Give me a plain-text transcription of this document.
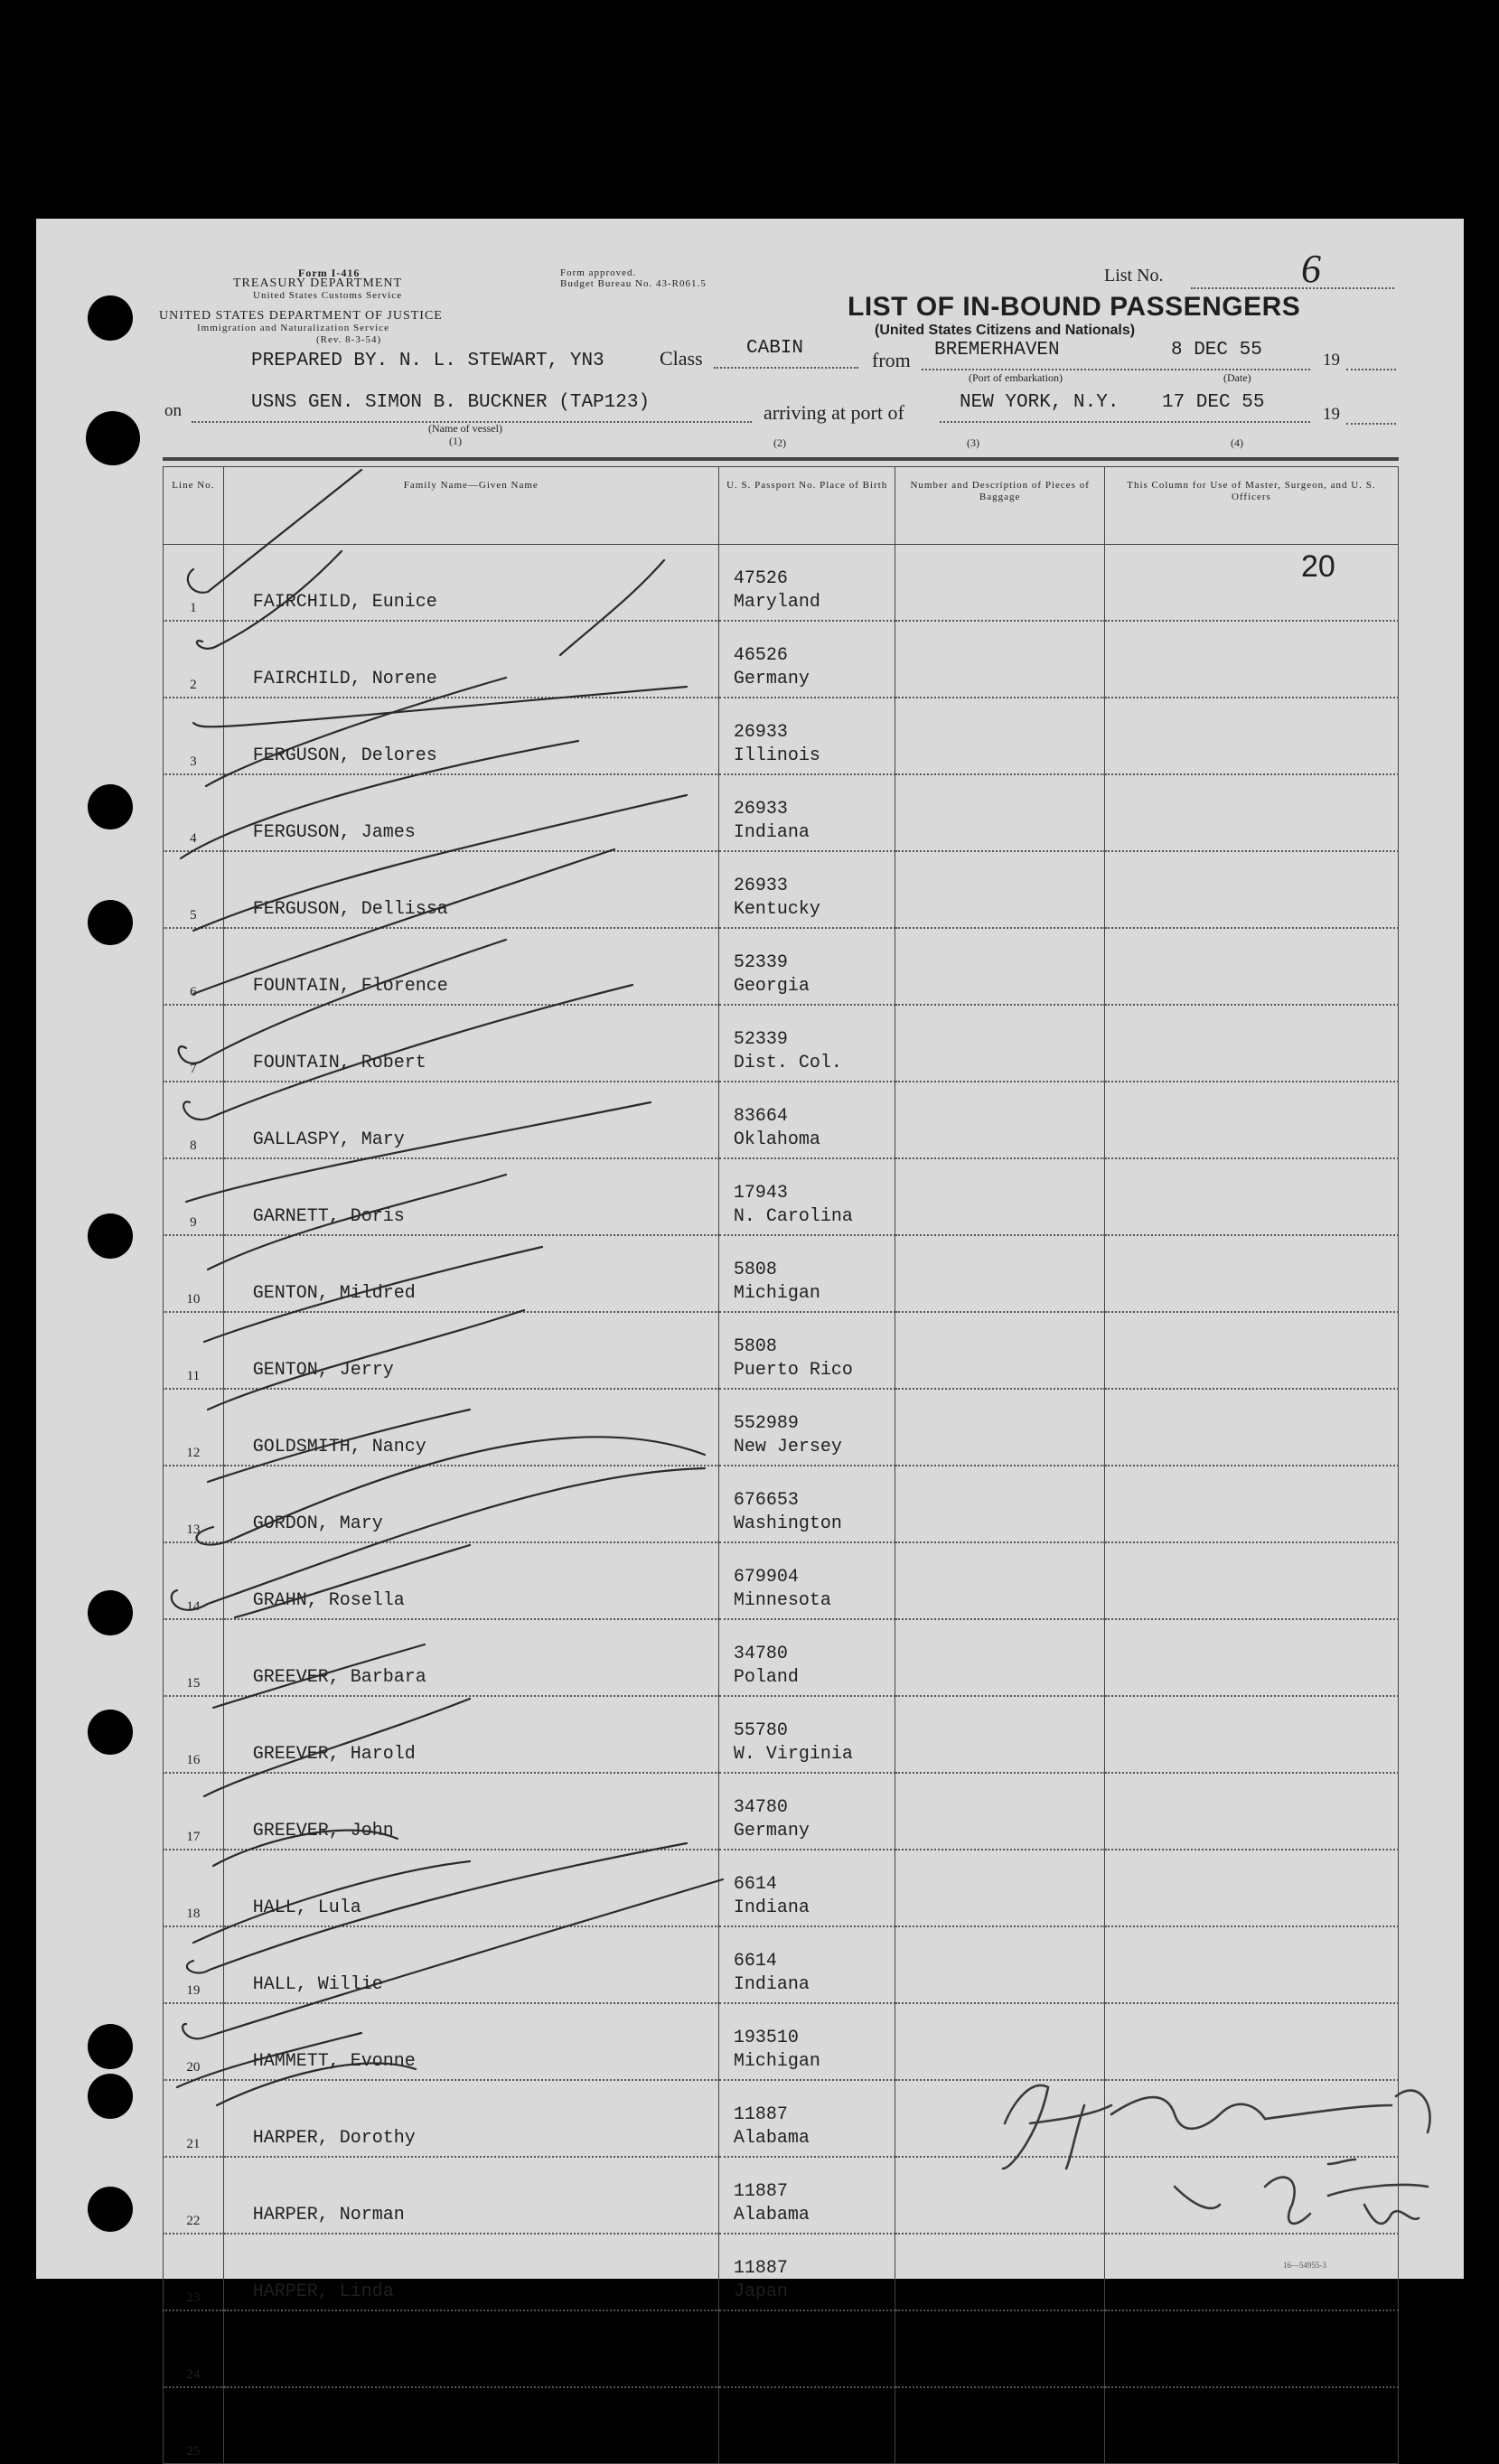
Form I-416
TREASURY DEPARTMENT
United States Customs Service
UNITED STATES DEPARTMENT OF JUSTICE
Immigration and Naturalization Service
(Rev. 8-3-54)
Form approved.
Budget Bureau No. 43-R061.5	List No.	6
LIST OF IN-BOUND PASSENGERS
(United States Citizens and Nationals)
PREPARED BY. N. L. STEWART, YN3	Class CABIN
from BREMERHAVEN	8 DEC 55	19
(Port of embarkation)	(Date)
on	USNS GEN. SIMON B. BUCKNER (TAP123)
(Name of vessel)
arriving at port of	NEW YORK, N.Y. 17 DEC 55
19
(1)	(2)	(3)	(4)
Line No.	Family Name—Given Name	U. S. Passport No. Place of Birth	Number and Description of Pieces of Baggage	This Column for Use of Master, Surgeon, and U. S. Officers
1	FAIRCHILD, Eunice	47526
Maryland		

2	FAIRCHILD, Norene	46526
Germany		

3	FERGUSON, Delores	26933
Illinois		

4	FERGUSON, James	26933
Indiana		

5	FERGUSON, Dellissa	26933
Kentucky		

6	FOUNTAIN, Florence	52339
Georgia		

7	FOUNTAIN, Robert	52339
Dist. Col.		

8	GALLASPY, Mary	83664
Oklahoma		

9	GARNETT, Doris	17943
N. Carolina		

10	GENTON, Mildred	5808
Michigan		

11	GENTON, Jerry	5808
Puerto Rico		

12	GOLDSMITH, Nancy	552989
New Jersey		

13	GORDON, Mary	676653
Washington		

14	GRAHN, Rosella	679904
Minnesota		

15	GREEVER, Barbara	34780
Poland		

16	GREEVER, Harold	55780
W. Virginia		

17	GREEVER, John	34780
Germany		

18	HALL, Lula	6614
Indiana		

19	HALL, Willie	6614
Indiana		

20	HAMMETT, Evonne	193510
Michigan		

21	HARPER, Dorothy	11887
Alabama		

22	HARPER, Norman	11887
Alabama		

23	HARPER, Linda	11887
Japan		

24		

25		

20
16—54955-3
